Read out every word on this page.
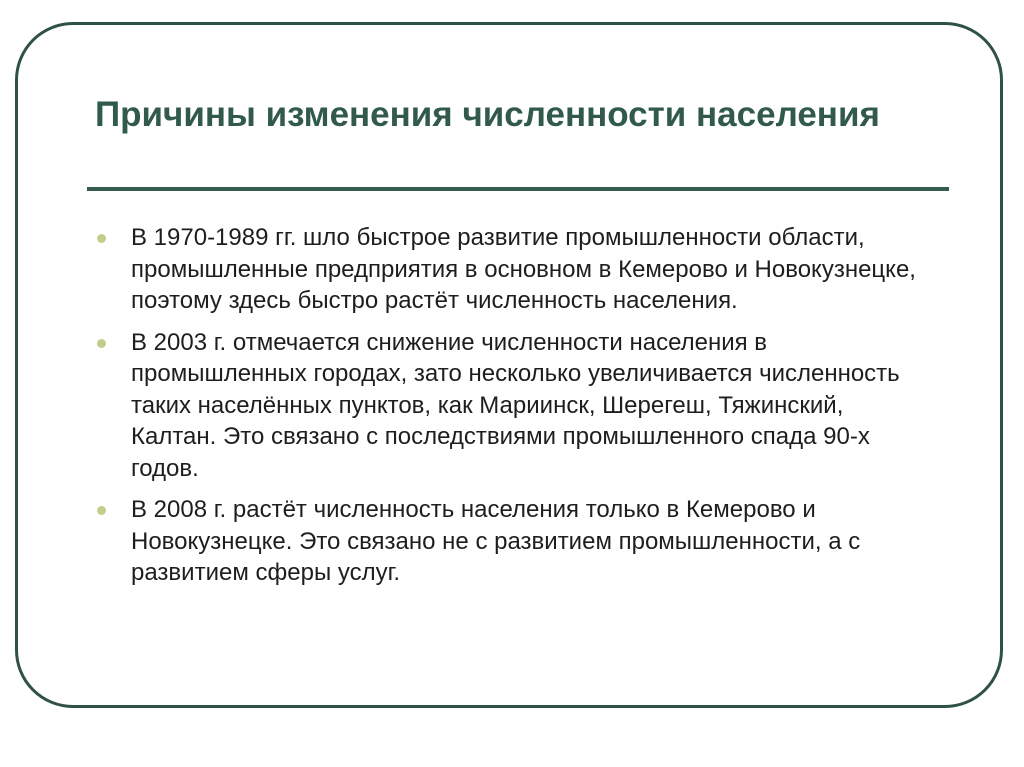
Причины изменения численности населения
В 1970-1989 гг. шло быстрое развитие промышленности области, промышленные предприятия в основном в Кемерово и Новокузнецке, поэтому здесь быстро растёт численность населения.
В 2003 г. отмечается снижение численности населения в промышленных городах, зато несколько увеличивается численность таких населённых пунктов, как Мариинск, Шерегеш, Тяжинский, Калтан. Это связано с последствиями промышленного спада 90-х годов.
В 2008 г. растёт численность населения только в Кемерово и Новокузнецке. Это связано не с развитием промышленности, а с развитием сферы услуг.
